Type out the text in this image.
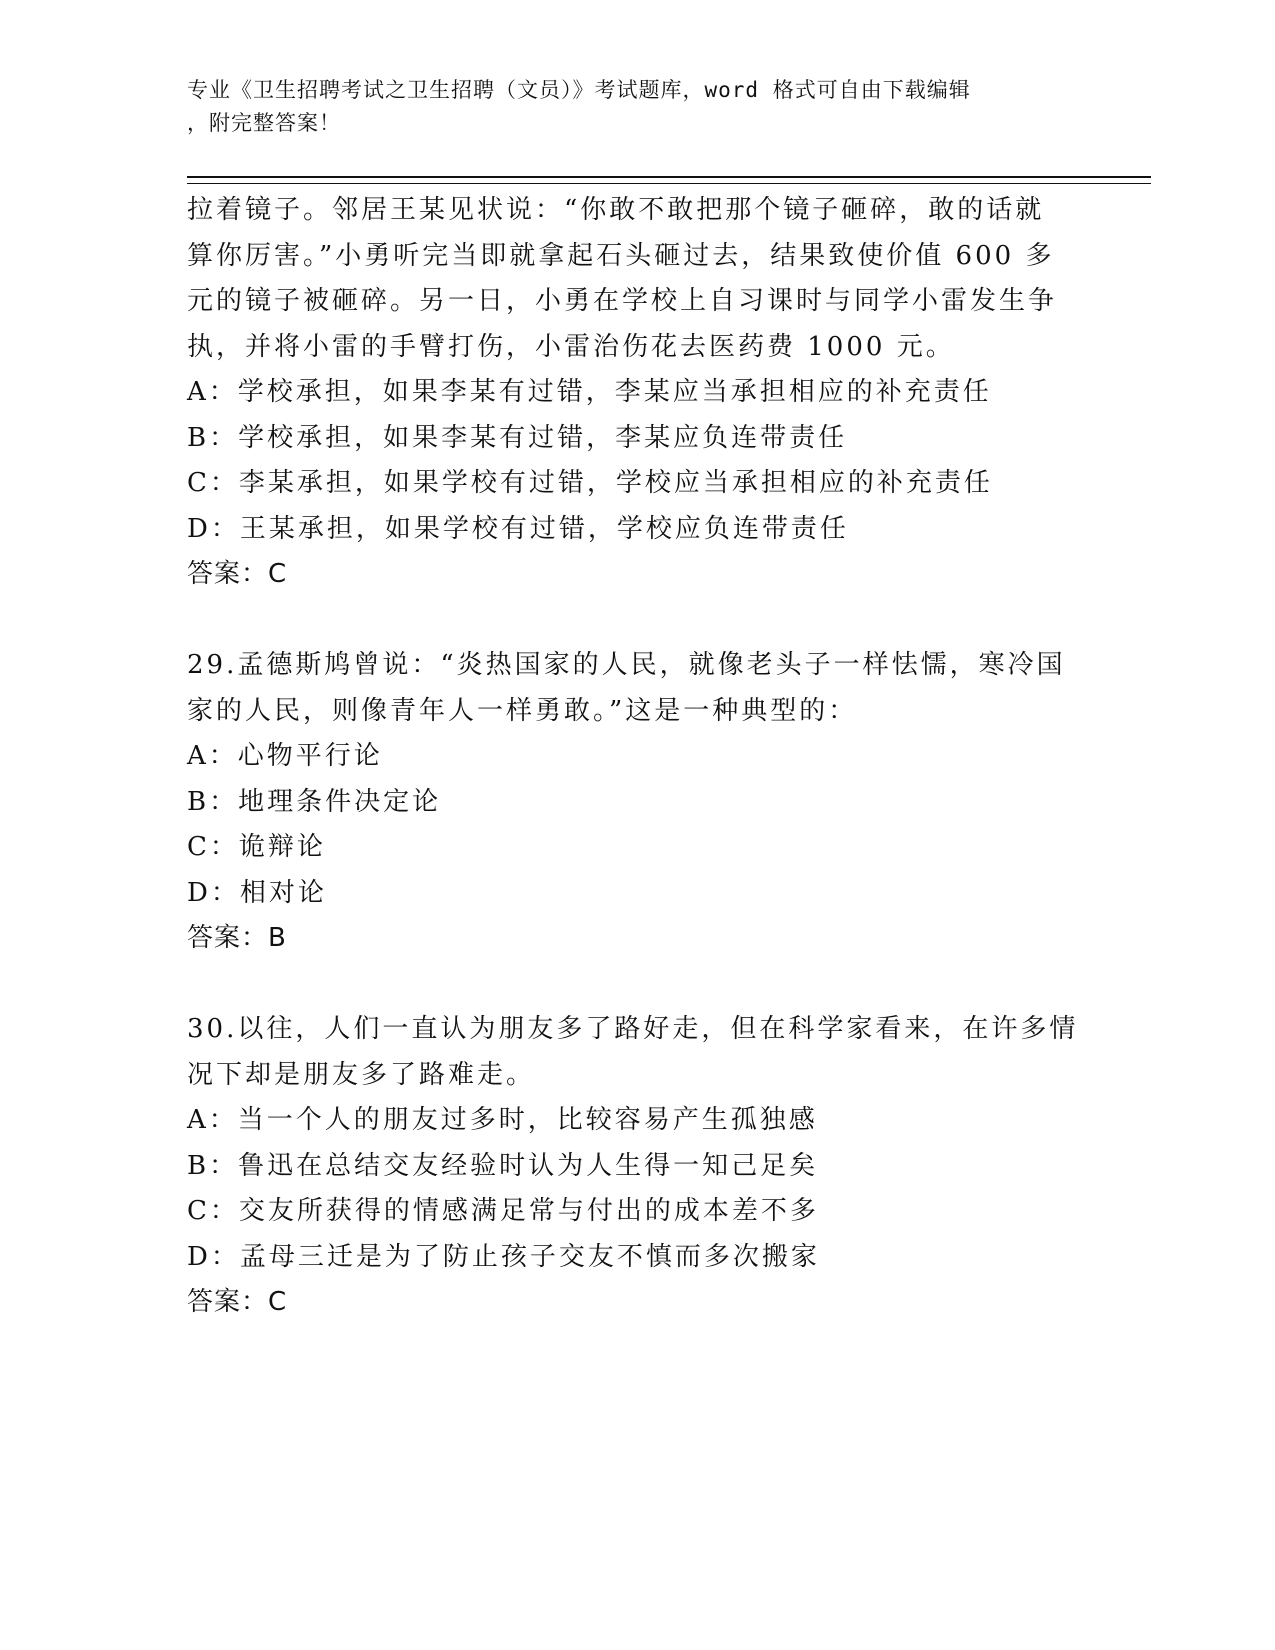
专业《卫生招聘考试之卫生招聘（文员）》考试题库，word 格式可自由下载编辑
，附完整答案！
拉着镜子。邻居王某见状说：“你敢不敢把那个镜子砸碎，敢的话就
算你厉害。”小勇听完当即就拿起石头砸过去，结果致使价值 600 多
元的镜子被砸碎。另一日，小勇在学校上自习课时与同学小雷发生争
执，并将小雷的手臂打伤，小雷治伤花去医药费 1000 元。
A：学校承担，如果李某有过错，李某应当承担相应的补充责任
B：学校承担，如果李某有过错，李某应负连带责任
C：李某承担，如果学校有过错，学校应当承担相应的补充责任
D：王某承担，如果学校有过错，学校应负连带责任
答案：C
29.孟德斯鸠曾说：“炎热国家的人民，就像老头子一样怯懦，寒冷国
家的人民，则像青年人一样勇敢。”这是一种典型的：
A：心物平行论
B：地理条件决定论
C：诡辩论
D：相对论
答案：B
30.以往，人们一直认为朋友多了路好走，但在科学家看来，在许多情
况下却是朋友多了路难走。
A：当一个人的朋友过多时，比较容易产生孤独感
B：鲁迅在总结交友经验时认为人生得一知己足矣
C：交友所获得的情感满足常与付出的成本差不多
D：孟母三迁是为了防止孩子交友不慎而多次搬家
答案：C
